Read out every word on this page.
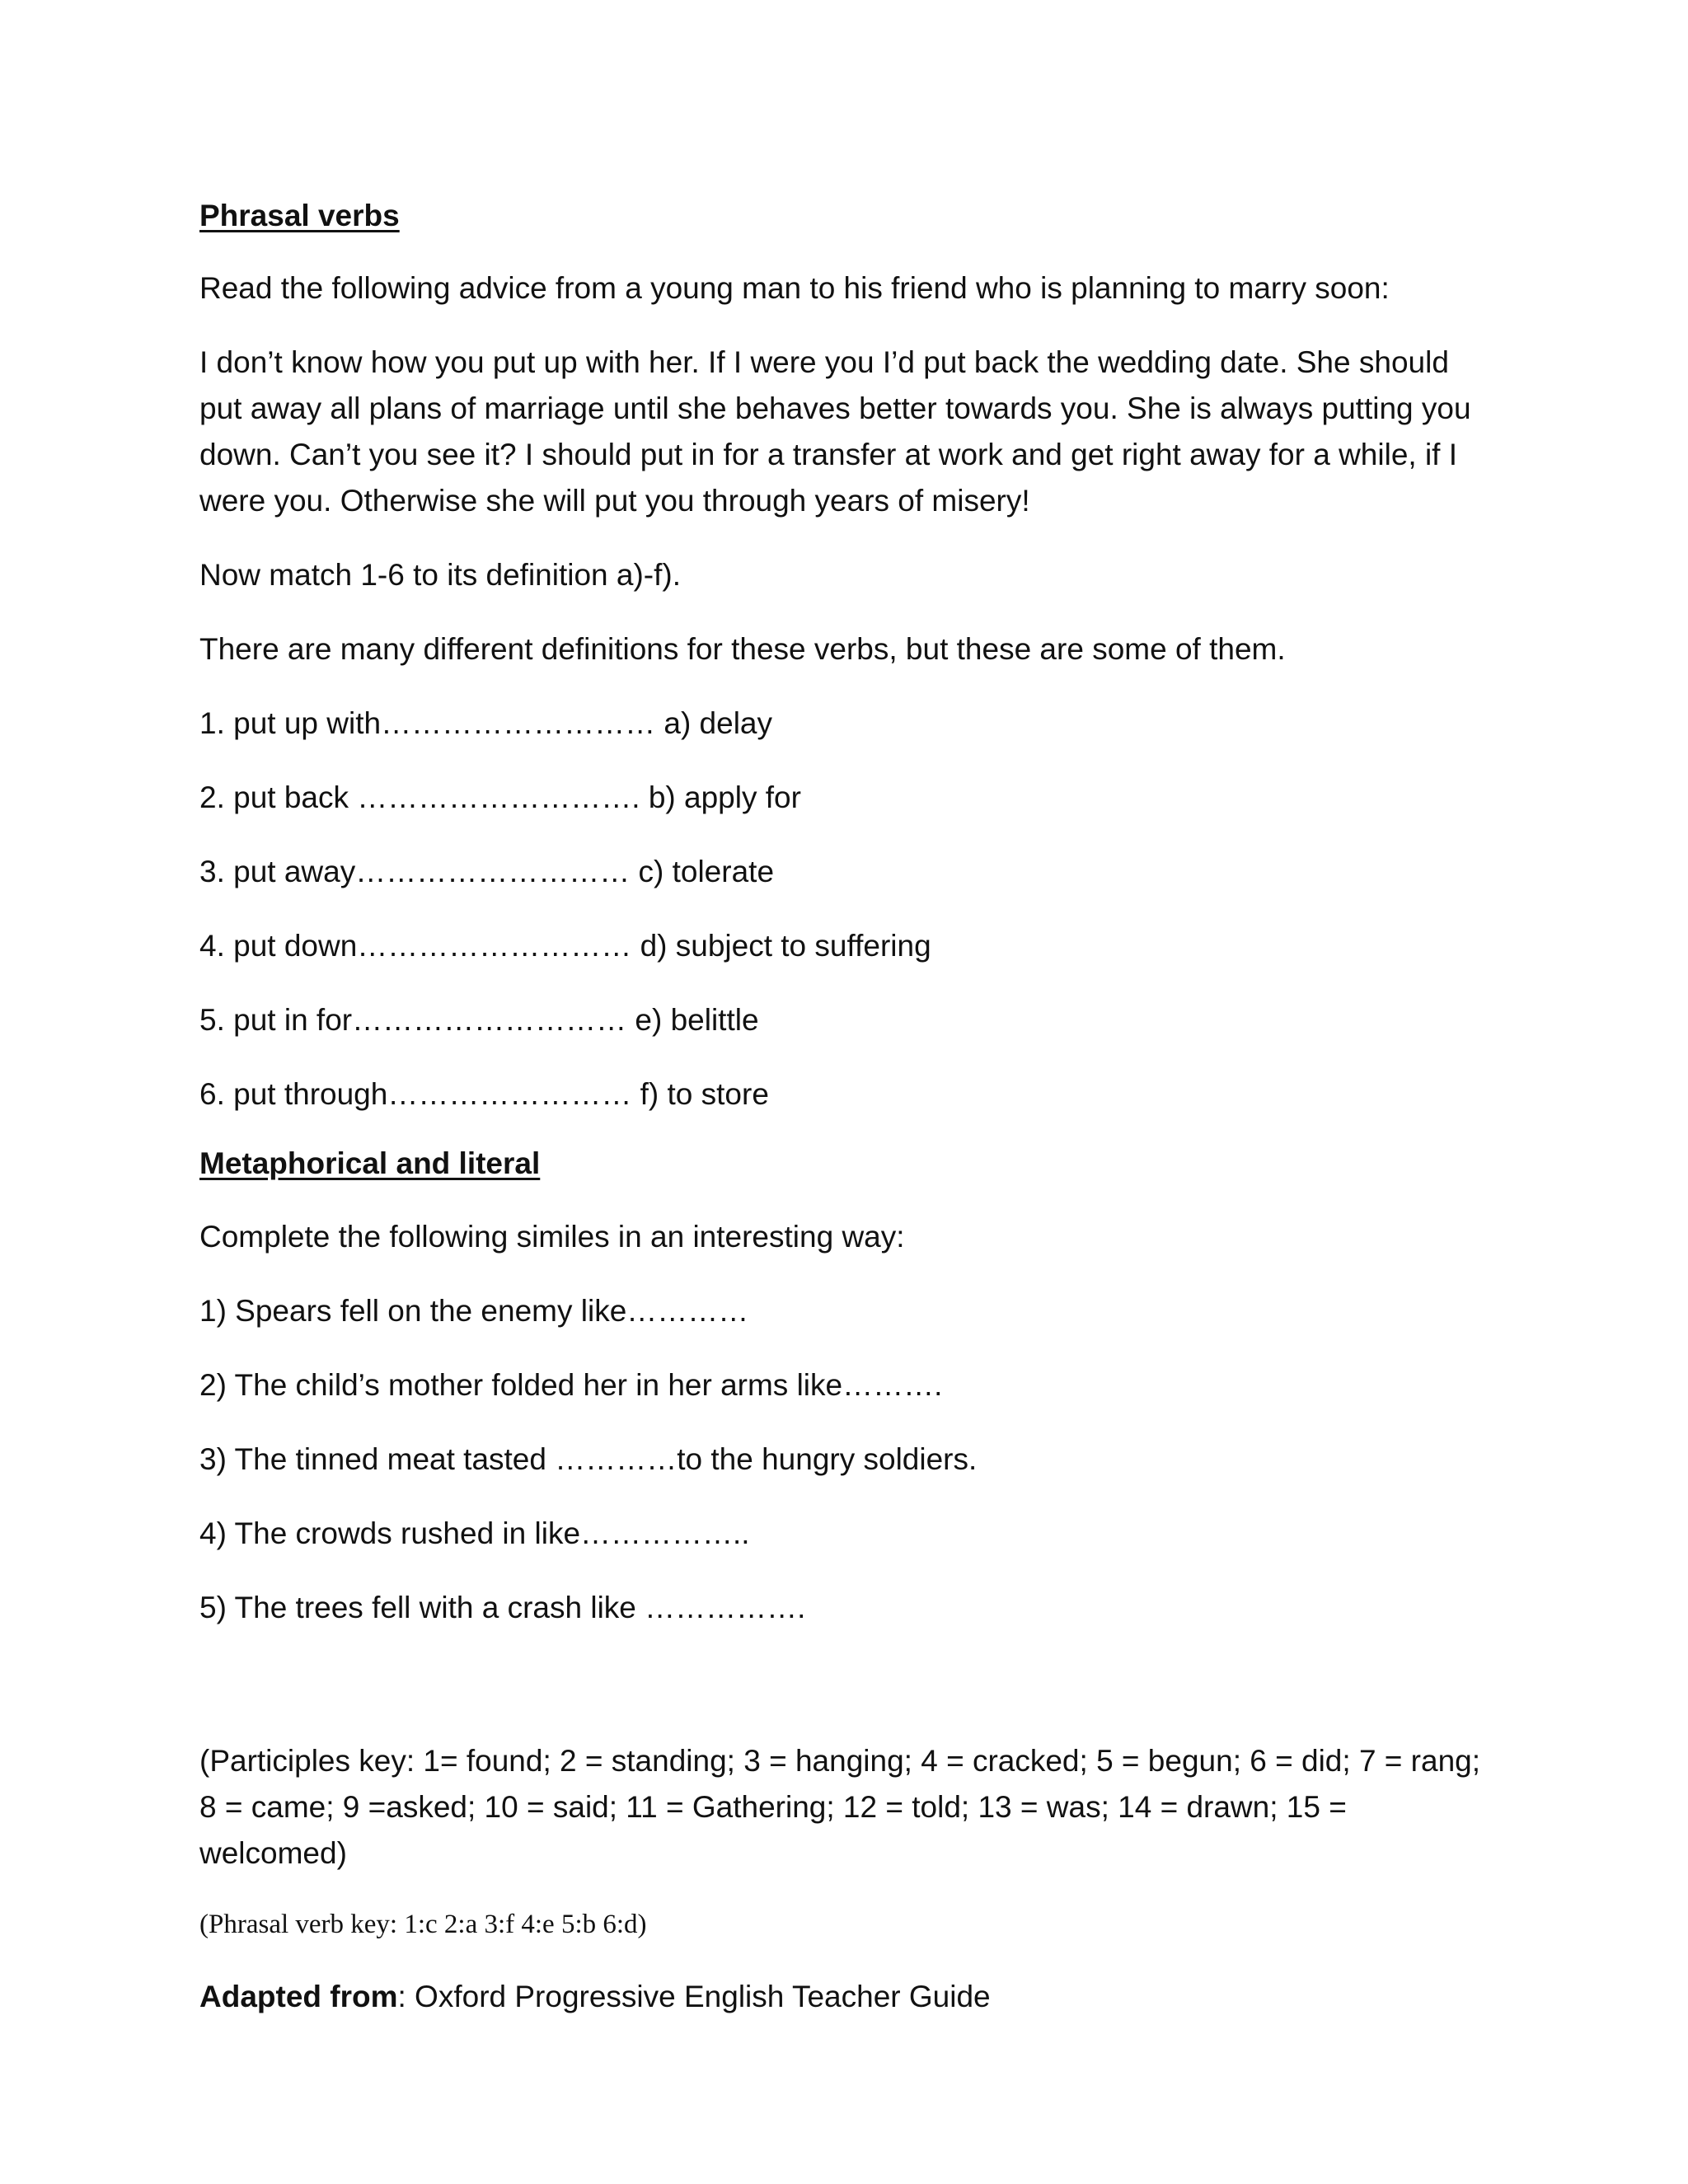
Phrasal verbs

Read the following advice from a young man to his friend who is planning to marry soon:

I don’t know how you put up with her. If I were you I’d put back the wedding date. She should put away all plans of marriage until she behaves better towards you. She is always putting you down. Can’t you see it? I should put in for a transfer at work and get right away for a while, if I were you. Otherwise she will put you through years of misery!

Now match 1-6 to its definition a)-f).

There are many different definitions for these verbs, but these are some of them.

1. put up with……………………… a) delay

2. put back ………………………. b) apply for

3. put away……………………… c) tolerate

4. put down……………………… d) subject to suffering

5. put in for……………………… e) belittle

6. put through…………………… f) to store

Metaphorical and literal

Complete the following similes in an interesting way:

1) Spears fell on the enemy like…………

2) The child’s mother folded her in her arms like……….

3) The tinned meat tasted …………to the hungry soldiers.

4) The crowds rushed in like……………..

5) The trees fell with a crash like …………….

(Participles key: 1= found; 2 = standing; 3 = hanging; 4 = cracked; 5 = begun; 6 = did; 7 = rang; 8 = came; 9 =asked; 10 = said; 11 = Gathering; 12 = told; 13 = was; 14 = drawn; 15 = welcomed)

(Phrasal verb key: 1:c 2:a 3:f 4:e 5:b 6:d)

Adapted from: Oxford Progressive English Teacher Guide
